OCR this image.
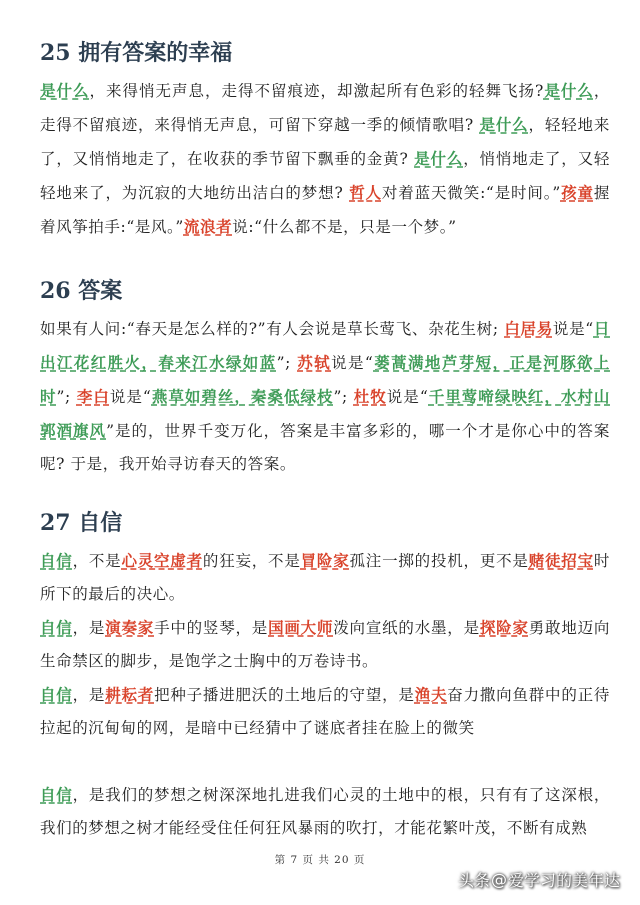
25 拥有答案的幸福

是什么，来得悄无声息，走得不留痕迹，却激起所有色彩的轻舞飞扬?是什么，走得不留痕迹，来得悄无声息，可留下穿越一季的倾情歌唱? 是什么，轻轻地来了，又悄悄地走了，在收获的季节留下飘垂的金黄? 是什么，悄悄地走了，又轻轻地来了，为沉寂的大地纺出洁白的梦想? 哲人对着蓝天微笑:“是时间。”孩童握着风筝拍手:“是风。”流浪者说:“什么都不是，只是一个梦。”

26 答案

如果有人问:“春天是怎么样的?”有人会说是草长莺飞、杂花生树; 白居易说是“日出江花红胜火，春来江水绿如蓝”; 苏轼说是“蒌蒿满地芦芽短，正是河豚欲上时”; 李白说是“燕草如碧丝，秦桑低绿枝”; 杜牧说是“千里莺啼绿映红，水村山郭酒旗风”是的，世界千变万化，答案是丰富多彩的，哪一个才是你心中的答案呢? 于是，我开始寻访春天的答案。

27 自信

自信，不是心灵空虚者的狂妄，不是冒险家孤注一掷的投机，更不是赌徒招宝时所下的最后的决心。

自信，是演奏家手中的竖琴，是国画大师泼向宣纸的水墨，是探险家勇敢地迈向生命禁区的脚步，是饱学之士胸中的万卷诗书。

自信，是耕耘者把种子播进肥沃的土地后的守望，是渔夫奋力撒向鱼群中的正待拉起的沉甸甸的网，是暗中已经猜中了谜底者挂在脸上的微笑

自信，是我们的梦想之树深深地扎进我们心灵的土地中的根，只有有了这深根，我们的梦想之树才能经受住任何狂风暴雨的吹打，才能花繁叶茂，不断有成熟

第 7 页 共 20 页
头条 @ 爱学习的美年达
